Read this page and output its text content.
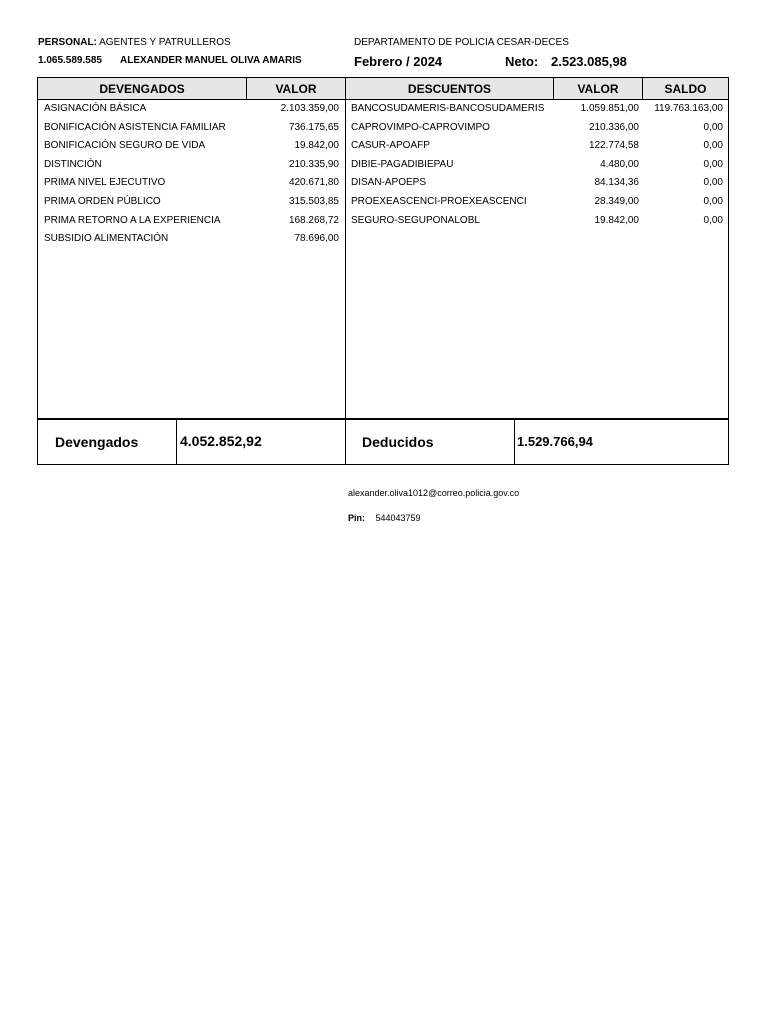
PERSONAL: AGENTES Y PATRULLEROS	DEPARTAMENTO DE POLICIA CESAR-DECES
1.065.589.585 ALEXANDER MANUEL OLIVA AMARIS	Febrero / 2024	Neto: 2.523.085,98
DEVENGADOS	VALOR	DESCUENTOS	VALOR	SALDO
ASIGNACIÓN BÁSICA	2.103.359,00
BONIFICACIÓN ASISTENCIA FAMILIAR	736.175,65
BONIFICACIÓN SEGURO DE VIDA	19.842,00
DISTINCIÓN	210.335,90
PRIMA NIVEL EJECUTIVO	420.671,80
PRIMA ORDEN PÚBLICO	315.503,85
PRIMA RETORNO A LA EXPERIENCIA	168.268,72
SUBSIDIO ALIMENTACIÓN	78.696,00
BANCOSUDAMERIS-BANCOSUDAMERIS	1.059.851,00	119.763.163,00
CAPROVIMPO-CAPROVIMPO	210.336,00	0,00
CASUR-APOAFP	122.774,58	0,00
DIBIE-PAGADIBIEPAU	4.480,00	0,00
DISAN-APOEPS	84.134,36	0,00
PROEXEASCENCI-PROEXEASCENCI	28.349,00	0,00
SEGURO-SEGUPONALOBL	19.842,00	0,00
Devengados	4.052.852,92	Deducidos	1.529.766,94
alexander.oliva1012@correo.policia.gov.co
Pin: 544043759
